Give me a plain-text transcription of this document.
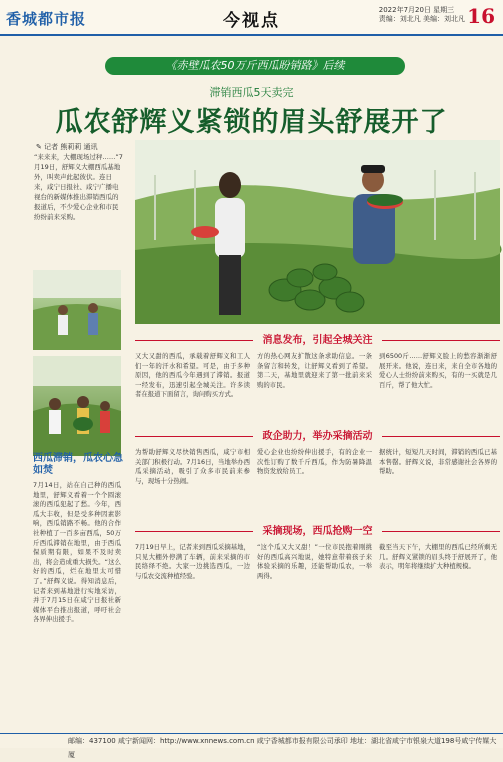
香城都市报	今视点
2022年7月20日 星期三
责编：刘北凡 美编：刘北凡 16
《赤壁瓜农50万斤西瓜盼销路》后续
滞销西瓜5天卖完
瓜农舒辉义紧锁的眉头舒展开了
✎ 记者 熊莉莉 通讯
“来来来，大棚现场过秤……”7月19日，舒辉义大棚西瓜基地外，叫卖声此起彼伏。连日来，咸宁日报社、咸宁广播电视台的新媒体推出滞销西瓜的报道后，不少爱心企业和市民纷纷前来采购。
西瓜滞销，瓜农心急如焚
7月14日，站在自己种的西瓜地里，舒辉义看着一个个圆滚滚的西瓜犯起了愁。今年，西瓜大丰收，但是受多种因素影响，西瓜销路不畅。他的合作社种植了一百多亩西瓜，50万斤西瓜滞销在地里，由于西瓜保质期有限，如果不及时卖出，将会造成重大损失。“这么好的西瓜，烂在地里太可惜了。”舒辉义说。得知消息后，记者来到基地进行实地采访，并于7月15日在咸宁日报社新媒体平台推出报道，呼吁社会各界伸出援手。
消息发布，引起全城关注
又大又甜的西瓜，承载着舒辉义和工人们一年的汗水和希望。可是，由于多种原因，他的西瓜今年遇到了滞销。报道一经发布，迅速引起全城关注。许多读者在报道下面留言，询问购买方式。
方的热心网友扩散这条求助信息。一条条留言和转发，让舒辉义看到了希望。第二天，基地里就迎来了第一批前来采购的市民。
到6500斤……舒辉义脸上的愁容渐渐舒展开来。他说，连日来，来自全市各地的爱心人士纷纷前来购买，有的一买就是几百斤，帮了他大忙。
政企助力，举办采摘活动
为帮助舒辉义尽快销售西瓜，咸宁市相关部门积极行动。7月16日，当地举办西瓜采摘活动，吸引了众多市民前来参与，现场十分热闹。
爱心企业也纷纷伸出援手，有的企业一次性订购了数千斤西瓜，作为防暑降温物资发放给员工。
据统计，短短几天时间，滞销的西瓜已基本售罄。舒辉义说，非常感谢社会各界的帮助。
采摘现场，西瓜抢购一空
7月19日早上，记者来到西瓜采摘基地，只见大棚外停满了车辆，前来采摘的市民络绎不绝。大家一边挑选西瓜，一边与瓜农交流种植经验。
“这个瓜又大又甜！”一位市民抱着刚挑好的西瓜高兴地说，她特意带着孩子来体验采摘的乐趣，还能帮助瓜农，一举两得。
截至当天下午，大棚里的西瓜已经所剩无几。舒辉义紧锁的眉头终于舒展开了，他表示，明年将继续扩大种植规模。
邮编：437100 咸宁新闻网：http://www.xnnews.com.cn 咸宁香城都市报有限公司承印 地址：湖北省咸宁市银泉大道198号咸宁传媒大厦
